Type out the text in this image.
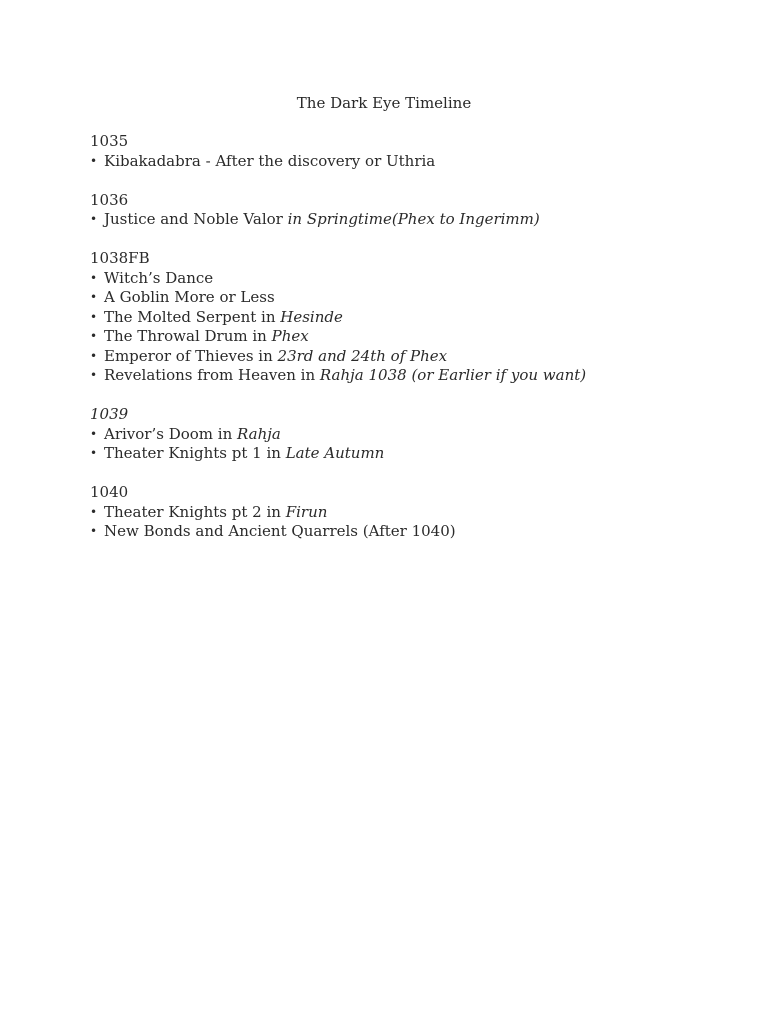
The Dark Eye Timeline
1035
• Kibakadabra - After the discovery or Uthria
1036
• Justice and Noble Valor in Springtime(Phex to Ingerimm)
1038FB
• Witch’s Dance
• A Goblin More or Less
• The Molted Serpent in Hesinde
• The Throwal Drum in Phex
• Emperor of Thieves in 23rd and 24th of Phex
• Revelations from Heaven in Rahja 1038 (or Earlier if you want)
1039
• Arivor’s Doom in Rahja
• Theater Knights pt 1 in Late Autumn
1040
• Theater Knights pt 2 in Firun
• New Bonds and Ancient Quarrels (After 1040)
